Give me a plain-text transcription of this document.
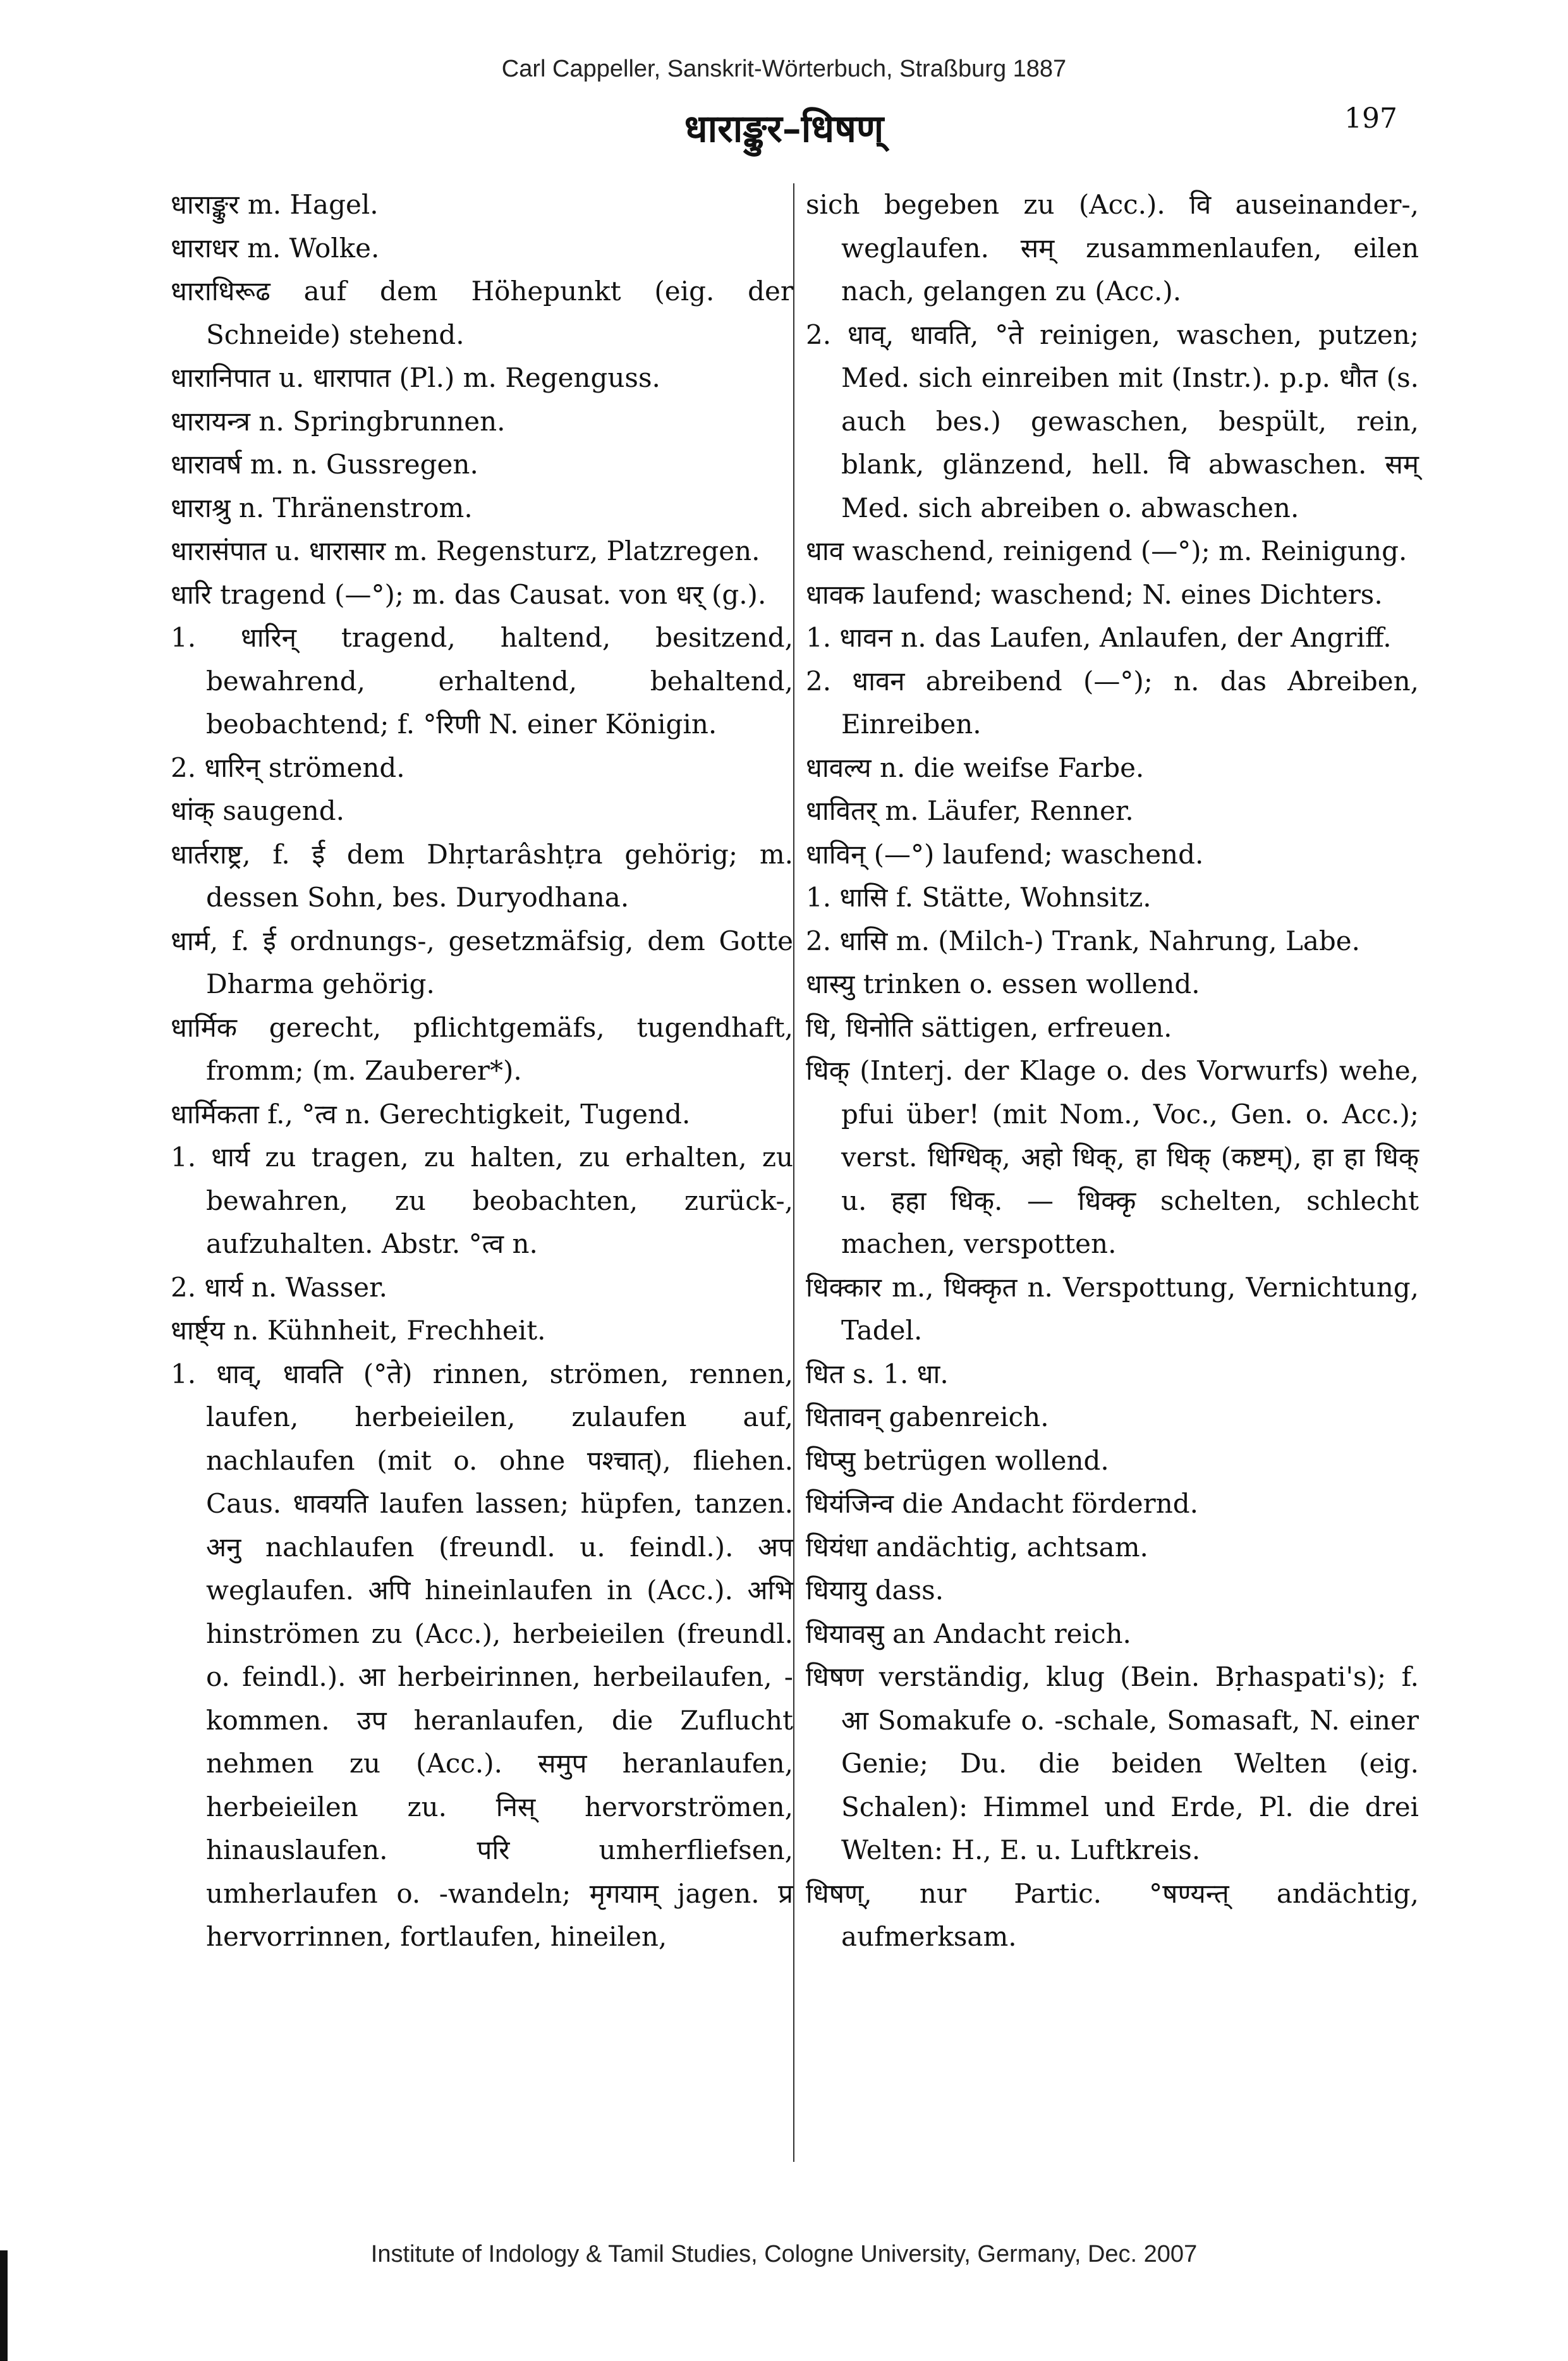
Carl Cappeller, Sanskrit-Wörterbuch, Straßburg 1887
धाराङ्कुर–धिषण्	197

धाराङ्कुर m. Hagel.

धाराधर m. Wolke.

धाराधिरूढ auf dem Höhepunkt (eig. der Schneide) stehend.

धारानिपात u. धारापात (Pl.) m. Regenguss.

धारायन्त्र n. Springbrunnen.

धारावर्ष m. n. Gussregen.

धाराश्रु n. Thränenstrom.

धारासंपात u. धारासार m. Regensturz, Platzregen.

धारि tragend (—°); m. das Causat. von धर् (g.).

1. धारिन् tragend, haltend, besitzend, bewahrend, erhaltend, behaltend, beobachtend; f. °रिणी N. einer Königin.

2. धारिन् strömend.

धांक् saugend.

धार्तराष्ट्र, f. ई dem Dhṛtarâshṭra gehörig; m. dessen Sohn, bes. Duryodhana.

धार्म, f. ई ordnungs-, gesetzmäfsig, dem Gotte Dharma gehörig.

धार्मिक gerecht, pflichtgemäfs, tugendhaft, fromm; (m. Zauberer*).

धार्मिकता f., °त्व n. Gerechtigkeit, Tugend.

1. धार्य zu tragen, zu halten, zu erhalten, zu bewahren, zu beobachten, zurück-, aufzuhalten. Abstr. °त्व n.

2. धार्य n. Wasser.

धार्ष्ट्य n. Kühnheit, Frechheit.

1. धाव्, धावति (°ते) rinnen, strömen, rennen, laufen, herbeieilen, zulaufen auf, nachlaufen (mit o. ohne पश्चात्), fliehen. Caus. धावयति laufen lassen; hüpfen, tanzen. अनु nachlaufen (freundl. u. feindl.). अप weglaufen. अपि hineinlaufen in (Acc.). अभि hinströmen zu (Acc.), herbeieilen (freundl. o. feindl.). आ herbeirinnen, herbeilaufen, -kommen. उप heranlaufen, die Zuflucht nehmen zu (Acc.). समुप heranlaufen, herbeieilen zu. निस् hervorströmen, hinauslaufen. परि umherfliefsen, umherlaufen o. -wandeln; मृगयाम् jagen. प्र hervorrinnen, fortlaufen, hineilen,

sich begeben zu (Acc.). वि auseinander-, weglaufen. सम् zusammenlaufen, eilen nach, gelangen zu (Acc.).

2. धाव्, धावति, °ते reinigen, waschen, putzen; Med. sich einreiben mit (Instr.). p.p. धौत (s. auch bes.) gewaschen, bespült, rein, blank, glänzend, hell. वि abwaschen. सम् Med. sich abreiben o. abwaschen.

धाव waschend, reinigend (—°); m. Reinigung.

धावक laufend; waschend; N. eines Dichters.

1. धावन n. das Laufen, Anlaufen, der Angriff.

2. धावन abreibend (—°); n. das Abreiben, Einreiben.

धावल्य n. die weifse Farbe.

धावितर् m. Läufer, Renner.

धाविन् (—°) laufend; waschend.

1. धासि f. Stätte, Wohnsitz.

2. धासि m. (Milch-) Trank, Nahrung, Labe.

धास्यु trinken o. essen wollend.

धि, धिनोति sättigen, erfreuen.

धिक् (Interj. der Klage o. des Vorwurfs) wehe, pfui über! (mit Nom., Voc., Gen. o. Acc.); verst. धिग्धिक्, अहो धिक्, हा धिक् (कष्टम्), हा हा धिक् u. हहा धिक्. — धिक्कृ schelten, schlecht machen, verspotten.

धिक्कार m., धिक्कृत n. Verspottung, Vernichtung, Tadel.

धित s. 1. धा.

धितावन् gabenreich.

धिप्सु betrügen wollend.

धियंजिन्व die Andacht fördernd.

धियंधा andächtig, achtsam.

धियायु dass.

धियावसु an Andacht reich.

धिषण verständig, klug (Bein. Bṛhaspati's); f. आ Somakufe o. -schale, Somasaft, N. einer Genie; Du. die beiden Welten (eig. Schalen): Himmel und Erde, Pl. die drei Welten: H., E. u. Luftkreis.

धिषण्, nur Partic. °षण्यन्त् andächtig, aufmerksam.

Institute of Indology & Tamil Studies, Cologne University, Germany, Dec. 2007
